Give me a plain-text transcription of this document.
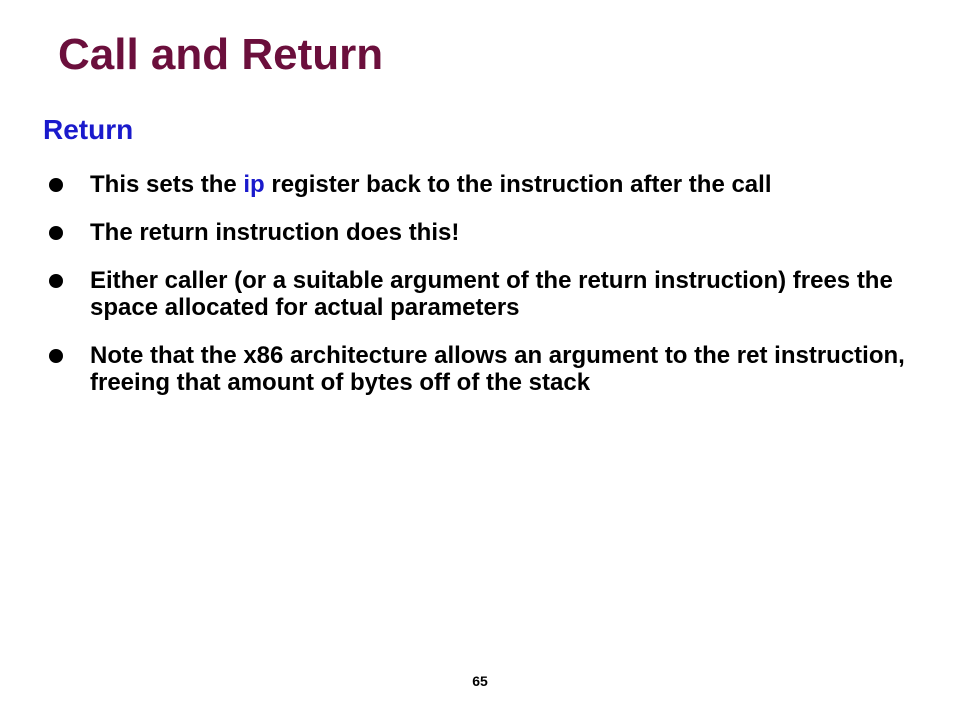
Call and Return
Return
This sets the ip register back to the instruction after the call
The return instruction does this!
Either caller (or a suitable argument of the return instruction) frees the space allocated for actual parameters
Note that the x86 architecture allows an argument to the ret instruction, freeing that amount of bytes off of the stack
65
